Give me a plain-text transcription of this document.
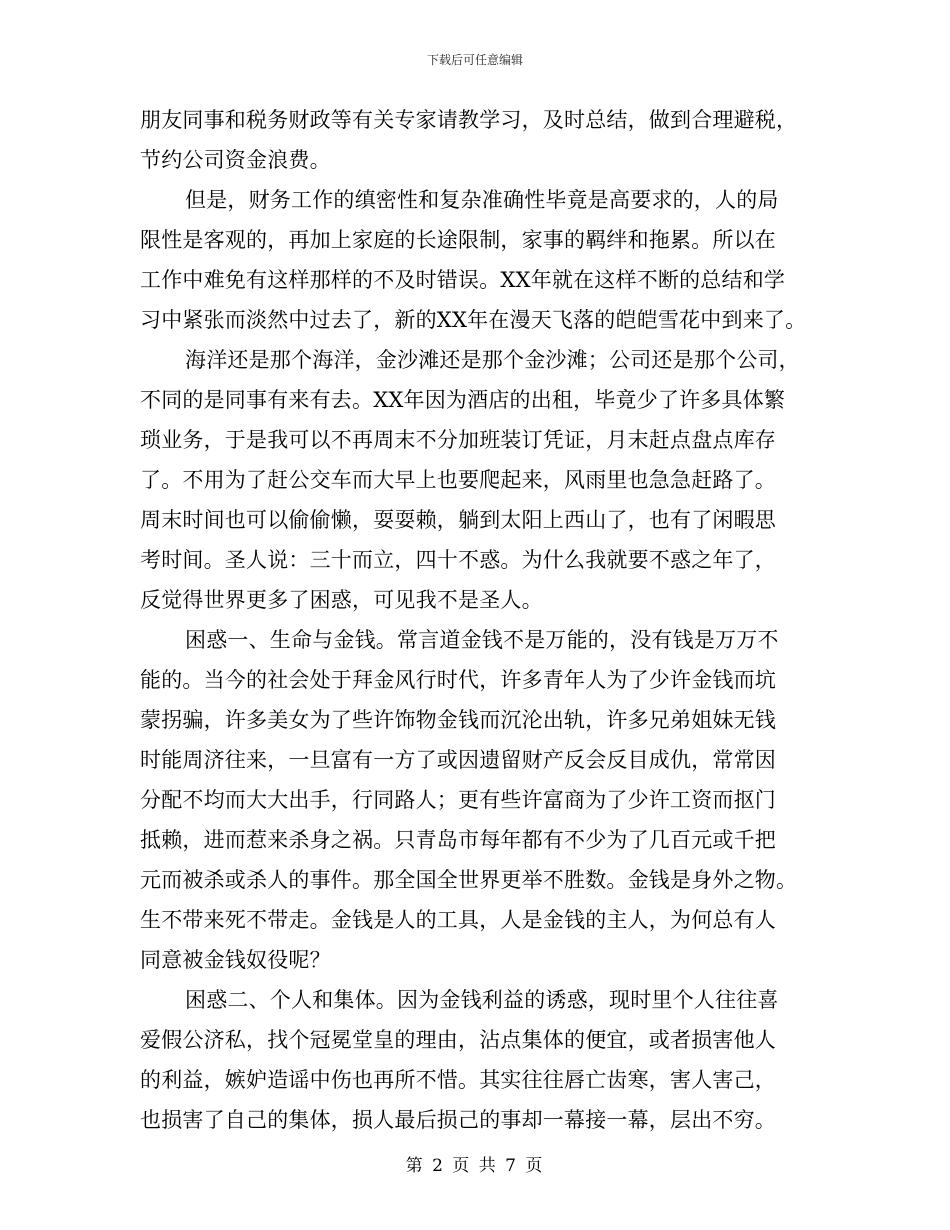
下载后可任意编辑
朋友同事和税务财政等有关专家请教学习，及时总结，做到合理避税，
节约公司资金浪费。
但是，财务工作的缜密性和复杂准确性毕竟是高要求的，人的局
限性是客观的，再加上家庭的长途限制，家事的羁绊和拖累。所以在
工作中难免有这样那样的不及时错误。XX年就在这样不断的总结和学
习中紧张而淡然中过去了，新的XX年在漫天飞落的皑皑雪花中到来了。
海洋还是那个海洋，金沙滩还是那个金沙滩；公司还是那个公司，
不同的是同事有来有去。XX年因为酒店的出租，毕竟少了许多具体繁
琐业务，于是我可以不再周末不分加班装订凭证，月末赶点盘点库存
了。不用为了赶公交车而大早上也要爬起来，风雨里也急急赶路了。
周末时间也可以偷偷懒，耍耍赖，躺到太阳上西山了，也有了闲暇思
考时间。圣人说：三十而立，四十不惑。为什么我就要不惑之年了，
反觉得世界更多了困惑，可见我不是圣人。
困惑一、生命与金钱。常言道金钱不是万能的，没有钱是万万不
能的。当今的社会处于拜金风行时代，许多青年人为了少许金钱而坑
蒙拐骗，许多美女为了些许饰物金钱而沉沦出轨，许多兄弟姐妹无钱
时能周济往来，一旦富有一方了或因遗留财产反会反目成仇，常常因
分配不均而大大出手，行同路人；更有些许富商为了少许工资而抠门
抵赖，进而惹来杀身之祸。只青岛市每年都有不少为了几百元或千把
元而被杀或杀人的事件。那全国全世界更举不胜数。金钱是身外之物。
生不带来死不带走。金钱是人的工具，人是金钱的主人，为何总有人
同意被金钱奴役呢？
困惑二、个人和集体。因为金钱利益的诱惑，现时里个人往往喜
爱假公济私，找个冠冕堂皇的理由，沾点集体的便宜，或者损害他人
的利益，嫉妒造谣中伤也再所不惜。其实往往唇亡齿寒，害人害己，
也损害了自己的集体，损人最后损己的事却一幕接一幕，层出不穷。
第 2 页 共 7 页
